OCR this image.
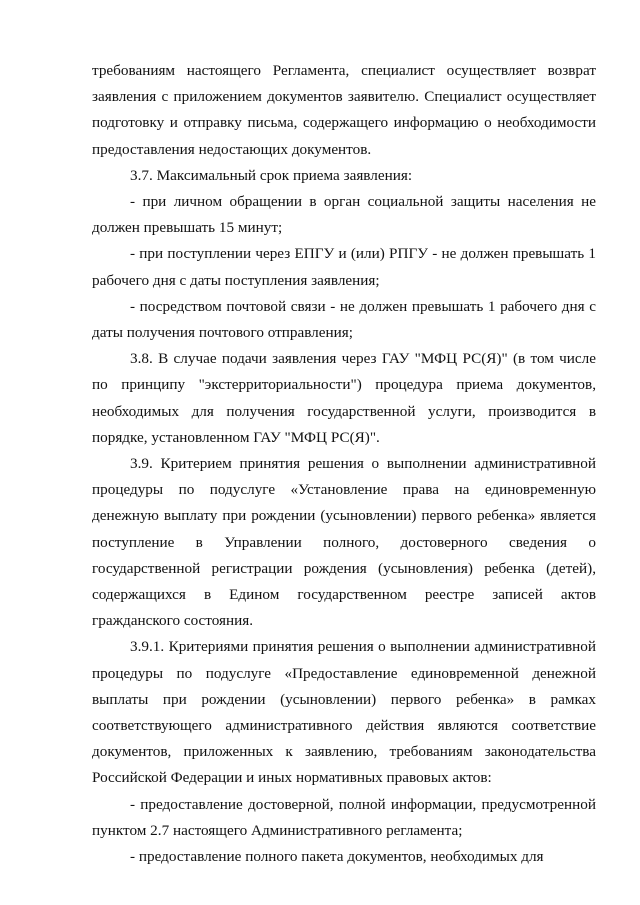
требованиям настоящего Регламента, специалист осуществляет возврат заявления с приложением документов заявителю. Специалист осуществляет подготовку и отправку письма, содержащего информацию о необходимости предоставления недостающих документов.

3.7. Максимальный срок приема заявления:

- при личном обращении в орган социальной защиты населения не должен превышать 15 минут;

- при поступлении через ЕПГУ и (или) РПГУ - не должен превышать 1 рабочего дня с даты поступления заявления;

- посредством почтовой связи - не должен превышать 1 рабочего дня с даты получения почтового отправления;

3.8. В случае подачи заявления через ГАУ "МФЦ РС(Я)" (в том числе по принципу "экстерриториальности") процедура приема документов, необходимых для получения государственной услуги, производится в порядке, установленном ГАУ "МФЦ РС(Я)".

3.9. Критерием принятия решения о выполнении административной процедуры по подуслуге «Установление права на единовременную денежную выплату при рождении (усыновлении) первого ребенка» является поступление в Управлении полного, достоверного сведения о государственной регистрации рождения (усыновления) ребенка (детей), содержащихся в Едином государственном реестре записей актов гражданского состояния.

3.9.1. Критериями принятия решения о выполнении административной процедуры по подуслуге «Предоставление единовременной денежной выплаты при рождении (усыновлении) первого ребенка» в рамках соответствующего административного действия являются соответствие документов, приложенных к заявлению, требованиям законодательства Российской Федерации и иных нормативных правовых актов:

- предоставление достоверной, полной информации, предусмотренной пунктом 2.7 настоящего Административного регламента;

- предоставление полного пакета документов, необходимых для
